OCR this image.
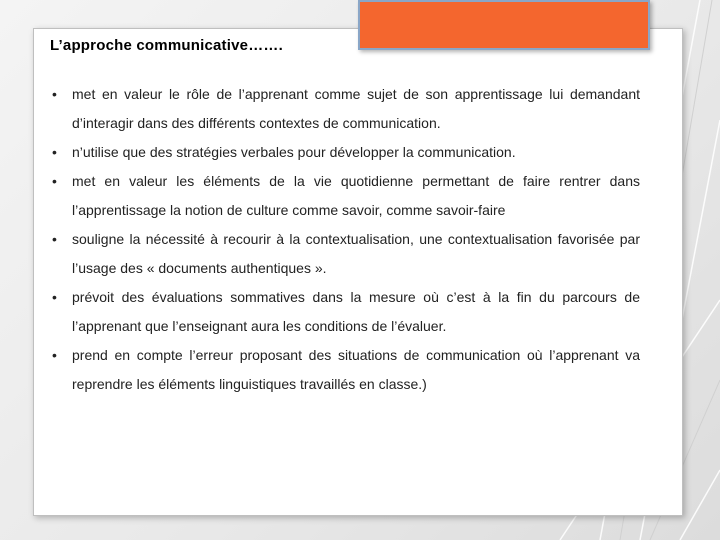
L’approche communicative…….
• met en valeur le rôle de l’apprenant comme sujet de son apprentissage lui demandant d’interagir dans des différents contextes de communication.
• n’utilise que des stratégies verbales pour développer la communication.
• met en valeur les éléments de la vie quotidienne permettant de faire rentrer dans l’apprentissage la notion de culture comme savoir, comme savoir-faire
• souligne la nécessité à recourir à la contextualisation, une contextualisation favorisée par l’usage des « documents authentiques ».
• prévoit des évaluations sommatives dans la mesure où c’est à la fin du parcours de l’apprenant que l’enseignant aura les conditions de l’évaluer.
• prend en compte l’erreur proposant des situations de communication où l’apprenant va reprendre les éléments linguistiques travaillés en classe.)
